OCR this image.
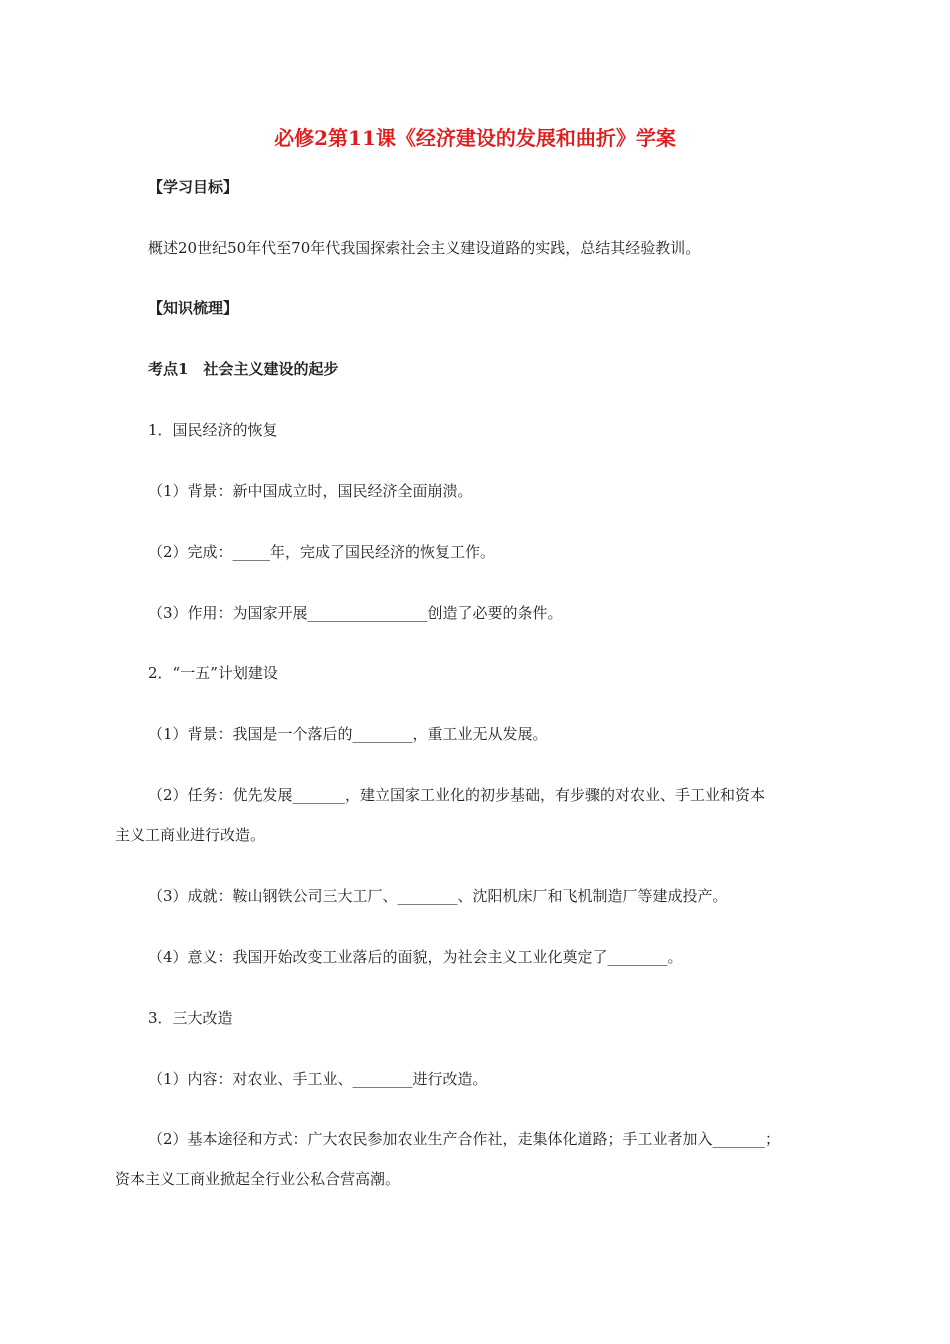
必修2第11课《经济建设的发展和曲折》学案
【学习目标】
概述20世纪50年代至70年代我国探索社会主义建设道路的实践，总结其经验教训。
【知识梳理】
考点1　社会主义建设的起步
1．国民经济的恢复
（1）背景：新中国成立时，国民经济全面崩溃。
（2）完成：_____年，完成了国民经济的恢复工作。
（3）作用：为国家开展________________创造了必要的条件。
2．“一五”计划建设
（1）背景：我国是一个落后的________，重工业无从发展。
（2）任务：优先发展_______，建立国家工业化的初步基础，有步骤的对农业、手工业和资本
主义工商业进行改造。
（3）成就：鞍山钢铁公司三大工厂、________、沈阳机床厂和飞机制造厂等建成投产。
（4）意义：我国开始改变工业落后的面貌，为社会主义工业化奠定了________。
3．三大改造
（1）内容：对农业、手工业、________进行改造。
（2）基本途径和方式：广大农民参加农业生产合作社，走集体化道路；手工业者加入_______；
资本主义工商业掀起全行业公私合营高潮。
